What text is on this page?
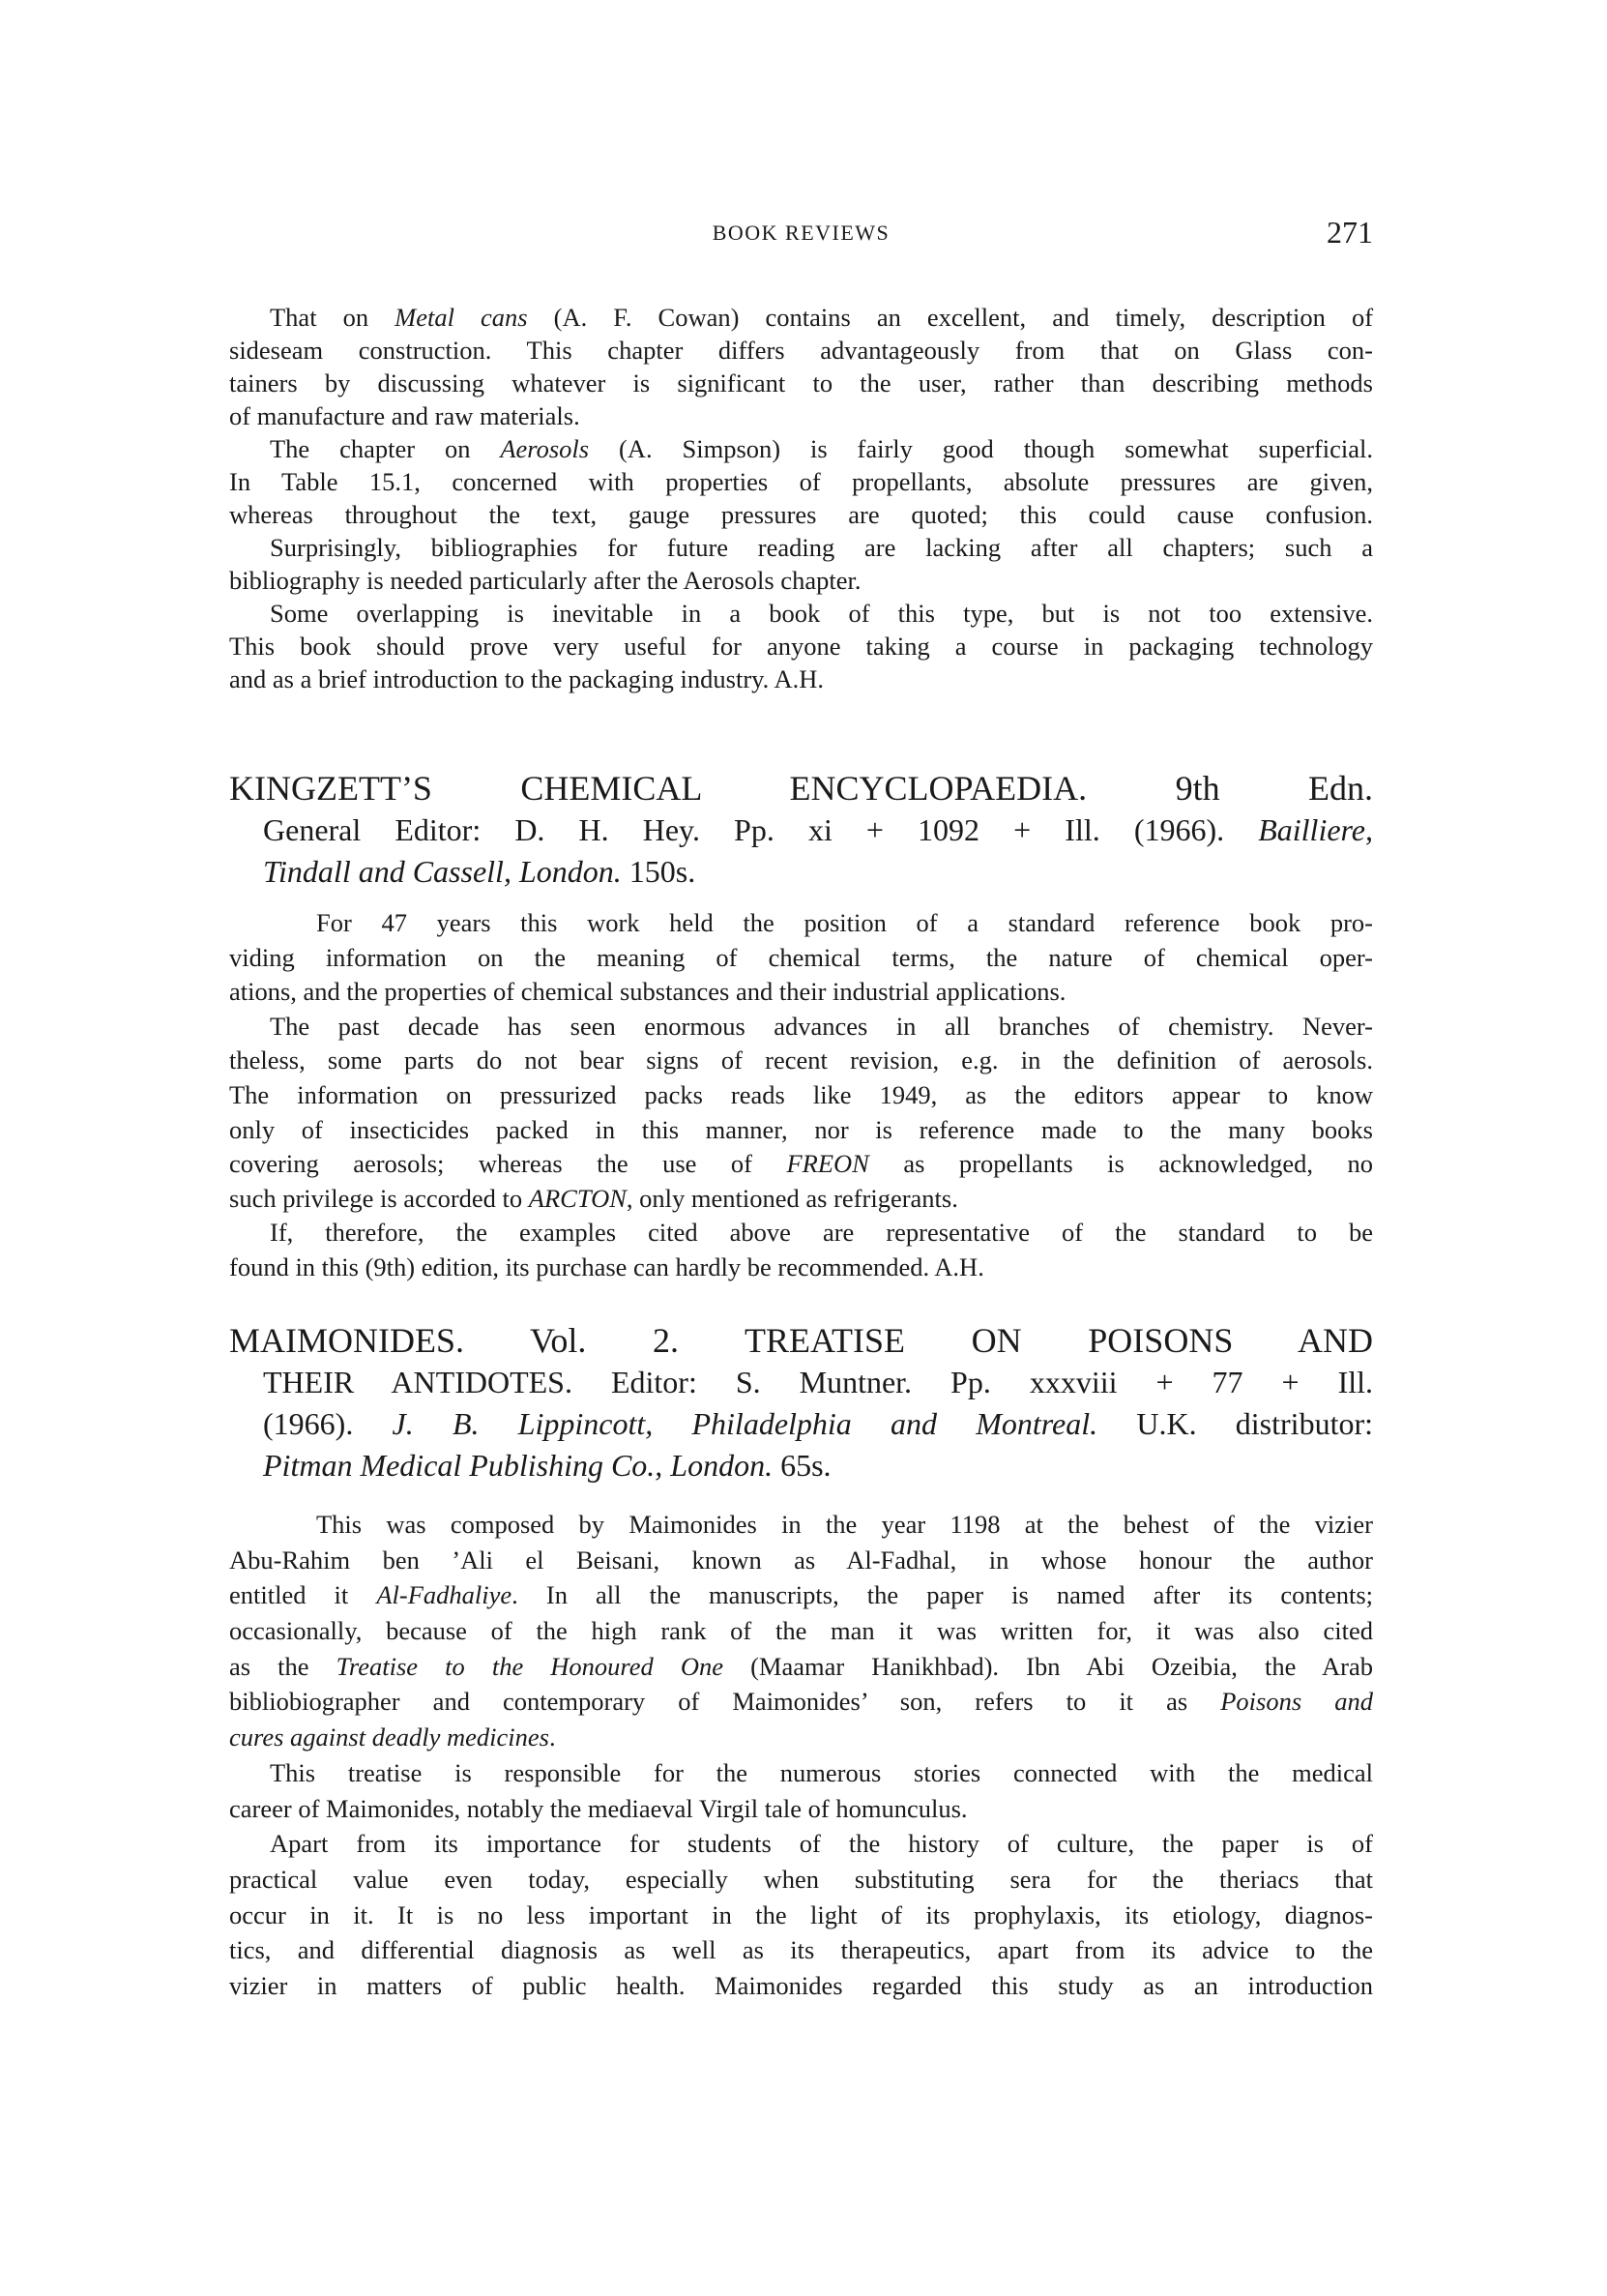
BOOK REVIEWS	271
That on Metal cans (A. F. Cowan) contains an excellent, and timely, description of
sideseam construction. This chapter differs advantageously from that on Glass con-
tainers by discussing whatever is significant to the user, rather than describing methods
of manufacture and raw materials.
The chapter on Aerosols (A. Simpson) is fairly good though somewhat superficial.
In Table 15.1, concerned with properties of propellants, absolute pressures are given,
whereas throughout the text, gauge pressures are quoted; this could cause confusion.
Surprisingly, bibliographies for future reading are lacking after all chapters; such a
bibliography is needed particularly after the Aerosols chapter.
Some overlapping is inevitable in a book of this type, but is not too extensive.
This book should prove very useful for anyone taking a course in packaging technology
and as a brief introduction to the packaging industry. A.H.
KINGZETT’S CHEMICAL ENCYCLOPAEDIA. 9th Edn.
General Editor: D. H. Hey. Pp. xi + 1092 + Ill. (1966). Bailliere,
Tindall and Cassell, London. 150s.
For 47 years this work held the position of a standard reference book pro-
viding information on the meaning of chemical terms, the nature of chemical oper-
ations, and the properties of chemical substances and their industrial applications.
The past decade has seen enormous advances in all branches of chemistry. Never-
theless, some parts do not bear signs of recent revision, e.g. in the definition of aerosols.
The information on pressurized packs reads like 1949, as the editors appear to know
only of insecticides packed in this manner, nor is reference made to the many books
covering aerosols; whereas the use of FREON as propellants is acknowledged, no
such privilege is accorded to ARCTON, only mentioned as refrigerants.
If, therefore, the examples cited above are representative of the standard to be
found in this (9th) edition, its purchase can hardly be recommended. A.H.
MAIMONIDES. Vol. 2. TREATISE ON POISONS AND
THEIR ANTIDOTES. Editor: S. Muntner. Pp. xxxviii + 77 + Ill.
(1966). J. B. Lippincott, Philadelphia and Montreal. U.K. distributor:
Pitman Medical Publishing Co., London. 65s.
This was composed by Maimonides in the year 1198 at the behest of the vizier
Abu-Rahim ben ’Ali el Beisani, known as Al-Fadhal, in whose honour the author
entitled it Al-Fadhaliye. In all the manuscripts, the paper is named after its contents;
occasionally, because of the high rank of the man it was written for, it was also cited
as the Treatise to the Honoured One (Maamar Hanikhbad). Ibn Abi Ozeibia, the Arab
bibliobiographer and contemporary of Maimonides’ son, refers to it as Poisons and
cures against deadly medicines.
This treatise is responsible for the numerous stories connected with the medical
career of Maimonides, notably the mediaeval Virgil tale of homunculus.
Apart from its importance for students of the history of culture, the paper is of
practical value even today, especially when substituting sera for the theriacs that
occur in it. It is no less important in the light of its prophylaxis, its etiology, diagnos-
tics, and differential diagnosis as well as its therapeutics, apart from its advice to the
vizier in matters of public health. Maimonides regarded this study as an introduction
